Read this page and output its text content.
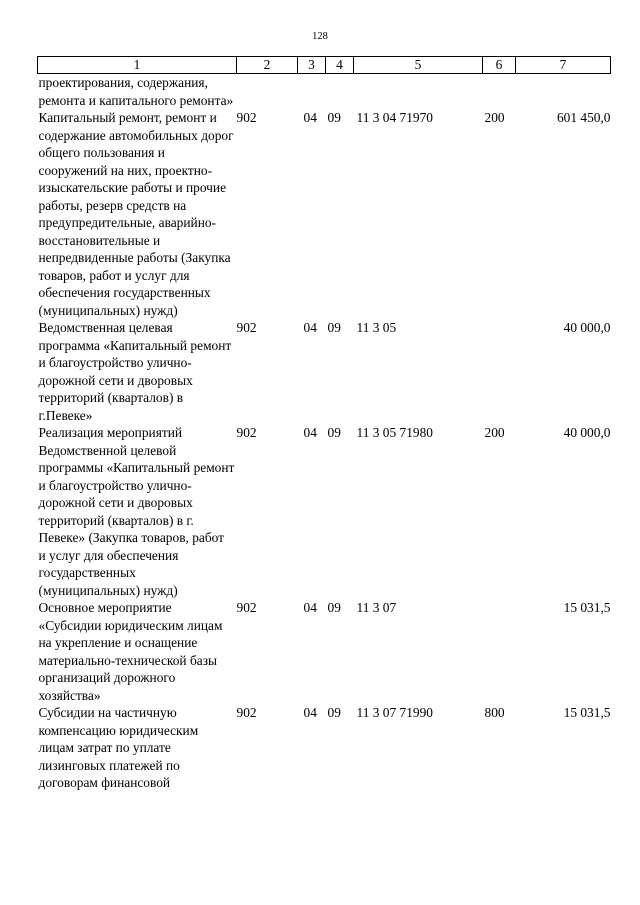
128
1	2	3	4	5	6	7
проектирования, содержания, ремонта и капитального ремонта»						
Капитальный ремонт, ремонт и содержание автомобильных дорог общего пользования и сооружений на них, проектно-изыскательские работы и прочие работы, резерв средств на предупредительные, аварийно-восстановительные и непредвиденные работы (Закупка товаров, работ и услуг для обеспечения государственных (муниципальных) нужд)	902	04	09	11 3 04 71970	200	601 450,0
Ведомственная целевая программа «Капитальный ремонт и благоустройство улично-дорожной сети и дворовых территорий (кварталов) в г.Певеке»	902	04	09	11 3 05		40 000,0
Реализация мероприятий Ведомственной целевой программы «Капитальный ремонт и благоустройство улично-дорожной сети и дворовых территорий (кварталов) в г. Певеке» (Закупка товаров, работ и услуг для обеспечения государственных (муниципальных) нужд)	902	04	09	11 3 05 71980	200	40 000,0
Основное мероприятие «Субсидии юридическим лицам на укрепление и оснащение материально-технической базы организаций дорожного хозяйства»	902	04	09	11 3 07		15 031,5
Субсидии на частичную компенсацию юридическим лицам затрат по уплате лизинговых платежей по договорам финансовой	902	04	09	11 3 07 71990	800	15 031,5
